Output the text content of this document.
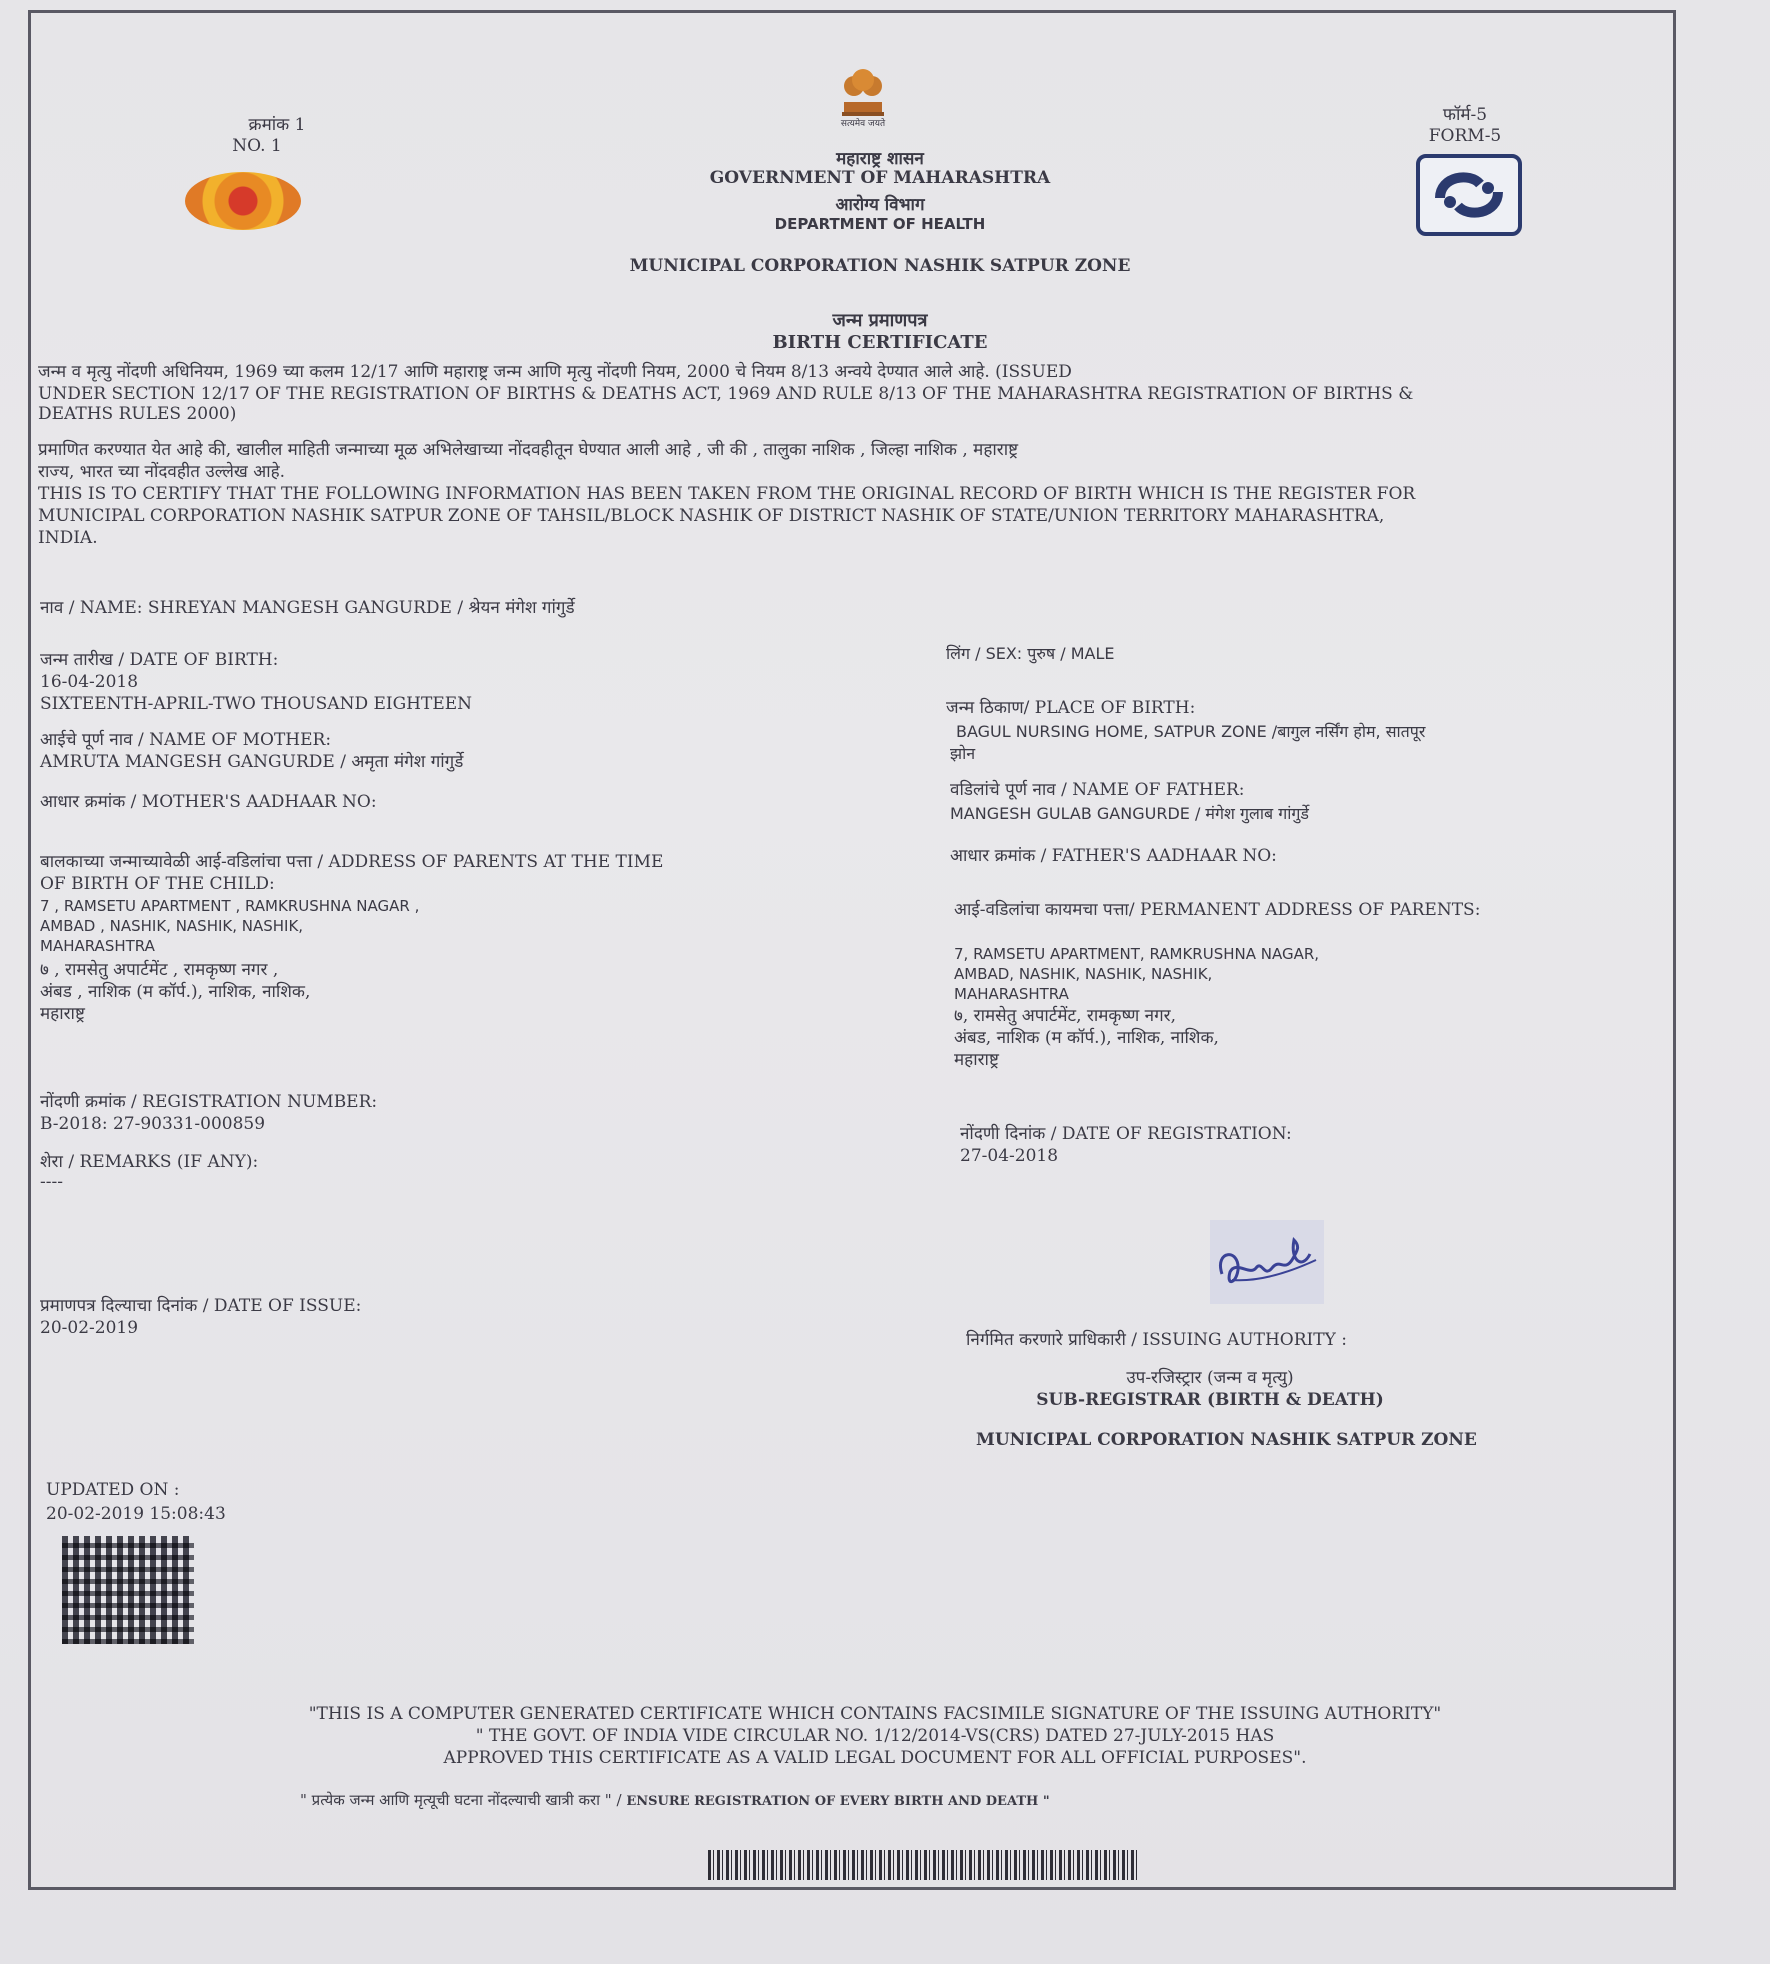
क्रमांक 1
NO. 1
सत्यमेव जयते
महाराष्ट्र शासन
GOVERNMENT OF MAHARASHTRA
आरोग्य विभाग
DEPARTMENT OF HEALTH
फॉर्म-5
FORM-5
MUNICIPAL CORPORATION NASHIK SATPUR ZONE
जन्म प्रमाणपत्र
BIRTH CERTIFICATE
जन्म व मृत्यु नोंदणी अधिनियम, 1969 च्या कलम 12/17 आणि महाराष्ट्र जन्म आणि मृत्यु नोंदणी नियम, 2000 चे नियम 8/13 अन्वये देण्यात आले आहे. (ISSUED
UNDER SECTION 12/17 OF THE REGISTRATION OF BIRTHS & DEATHS ACT, 1969 AND RULE 8/13 OF THE MAHARASHTRA REGISTRATION OF BIRTHS &
DEATHS RULES 2000)
प्रमाणित करण्यात येत आहे की, खालील माहिती जन्माच्या मूळ अभिलेखाच्या नोंदवहीतून घेण्यात आली आहे , जी की , तालुका नाशिक , जिल्हा नाशिक , महाराष्ट्र
राज्य, भारत च्या नोंदवहीत उल्लेख आहे.
THIS IS TO CERTIFY THAT THE FOLLOWING INFORMATION HAS BEEN TAKEN FROM THE ORIGINAL RECORD OF BIRTH WHICH IS THE REGISTER FOR
MUNICIPAL CORPORATION NASHIK SATPUR ZONE OF TAHSIL/BLOCK NASHIK OF DISTRICT NASHIK OF STATE/UNION TERRITORY MAHARASHTRA,
INDIA.
नाव / NAME: SHREYAN MANGESH GANGURDE / श्रेयन मंगेश गांगुर्डे
जन्म तारीख / DATE OF BIRTH:
16-04-2018
SIXTEENTH-APRIL-TWO THOUSAND EIGHTEEN
आईचे पूर्ण नाव / NAME OF MOTHER:
AMRUTA MANGESH GANGURDE / अमृता मंगेश गांगुर्डे
आधार क्रमांक / MOTHER'S AADHAAR NO:
बालकाच्या जन्माच्यावेळी आई-वडिलांचा पत्ता / ADDRESS OF PARENTS AT THE TIME
OF BIRTH OF THE CHILD:
7 , RAMSETU APARTMENT , RAMKRUSHNA NAGAR ,
AMBAD , NASHIK, NASHIK, NASHIK,
MAHARASHTRA
७ , रामसेतु अपार्टमेंट , रामकृष्ण नगर ,
अंबड , नाशिक (म कॉर्प.), नाशिक, नाशिक,
महाराष्ट्र
नोंदणी क्रमांक / REGISTRATION NUMBER:
B-2018: 27-90331-000859
शेरा / REMARKS (IF ANY):
----
प्रमाणपत्र दिल्याचा दिनांक / DATE OF ISSUE:
20-02-2019
UPDATED ON :
20-02-2019 15:08:43
लिंग / SEX: पुरुष / MALE
जन्म ठिकाण/ PLACE OF BIRTH:
BAGUL NURSING HOME, SATPUR ZONE /बागुल नर्सिंग होम, सातपूर
झोन
वडिलांचे पूर्ण नाव / NAME OF FATHER:
MANGESH GULAB GANGURDE / मंगेश गुलाब गांगुर्डे
आधार क्रमांक / FATHER'S AADHAAR NO:
आई-वडिलांचा कायमचा पत्ता/ PERMANENT ADDRESS OF PARENTS:
7, RAMSETU APARTMENT, RAMKRUSHNA NAGAR,
AMBAD, NASHIK, NASHIK, NASHIK,
MAHARASHTRA
७, रामसेतु अपार्टमेंट, रामकृष्ण नगर,
अंबड, नाशिक (म कॉर्प.), नाशिक, नाशिक,
महाराष्ट्र
नोंदणी दिनांक / DATE OF REGISTRATION:
27-04-2018
निर्गमित करणारे प्राधिकारी / ISSUING AUTHORITY :
उप-रजिस्ट्रार (जन्म व मृत्यु)
SUB-REGISTRAR (BIRTH & DEATH)
MUNICIPAL CORPORATION NASHIK SATPUR ZONE
"THIS IS A COMPUTER GENERATED CERTIFICATE WHICH CONTAINS FACSIMILE SIGNATURE OF THE ISSUING AUTHORITY"
" THE GOVT. OF INDIA VIDE CIRCULAR NO. 1/12/2014-VS(CRS) DATED 27-JULY-2015 HAS
APPROVED THIS CERTIFICATE AS A VALID LEGAL DOCUMENT FOR ALL OFFICIAL PURPOSES".
" प्रत्येक जन्म आणि मृत्यूची घटना नोंदल्याची खात्री करा " / ENSURE REGISTRATION OF EVERY BIRTH AND DEATH "
